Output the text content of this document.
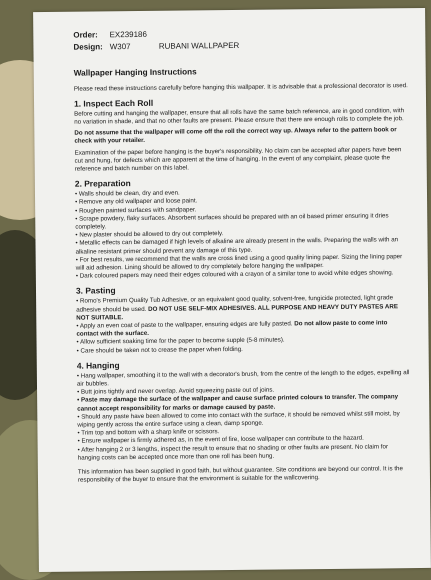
Order: EX239186
Design: W307	RUBANI WALLPAPER
Wallpaper Hanging Instructions

Please read these instructions carefully before hanging this wallpaper. It is advisable that a professional decorator is used.

1. Inspect Each Roll

Before cutting and hanging the wallpaper, ensure that all rolls have the same batch reference, are in good condition, with no variation in shade, and that no other faults are present. Please ensure that there are enough rolls to complete the job.

Do not assume that the wallpaper will come off the roll the correct way up. Always refer to the pattern book or check with your retailer.

Examination of the paper before hanging is the buyer's responsibility. No claim can be accepted after papers have been cut and hung, for defects which are apparent at the time of hanging. In the event of any complaint, please quote the reference and batch number on this label.

2. Preparation
• Walls should be clean, dry and even.
• Remove any old wallpaper and loose paint.
• Roughen painted surfaces with sandpaper.
• Scrape powdery, flaky surfaces. Absorbent surfaces should be prepared with an oil based primer ensuring it dries completely.
• New plaster should be allowed to dry out completely.
• Metallic effects can be damaged if high levels of alkaline are already present in the walls. Preparing the walls with an alkaline resistant primer should prevent any damage of this type.
• For best results, we recommend that the walls are cross lined using a good quality lining paper. Sizing the lining paper will aid adhesion. Lining should be allowed to dry completely before hanging the wallpaper.
• Dark coloured papers may need their edges coloured with a crayon of a similar tone to avoid white edges showing.
3. Pasting
• Romo's Premium Quality Tub Adhesive, or an equivalent good quality, solvent-free, fungicide protected, light grade adhesive should be used. DO NOT USE SELF-MIX ADHESIVES. ALL PURPOSE AND HEAVY DUTY PASTES ARE NOT SUITABLE.
• Apply an even coat of paste to the wallpaper, ensuring edges are fully pasted. Do not allow paste to come into contact with the surface.
• Allow sufficient soaking time for the paper to become supple (5-8 minutes).
• Care should be taken not to crease the paper when folding.
4. Hanging
• Hang wallpaper, smoothing it to the wall with a decorator's brush, from the centre of the length to the edges, expelling all air bubbles.
• Butt joins tightly and never overlap. Avoid squeezing paste out of joins.
• Paste may damage the surface of the wallpaper and cause surface printed colours to transfer. The company cannot accept responsibility for marks or damage caused by paste.
• Should any paste have been allowed to come into contact with the surface, it should be removed whilst still moist, by wiping gently across the entire surface using a clean, damp sponge.
• Trim top and bottom with a sharp knife or scissors.
• Ensure wallpaper is firmly adhered as, in the event of fire, loose wallpaper can contribute to the hazard.
• After hanging 2 or 3 lengths, inspect the result to ensure that no shading or other faults are present. No claim for hanging costs can be accepted once more than one roll has been hung.

This information has been supplied in good faith, but without guarantee. Site conditions are beyond our control. It is the responsibility of the buyer to ensure that the environment is suitable for the wallcovering.
